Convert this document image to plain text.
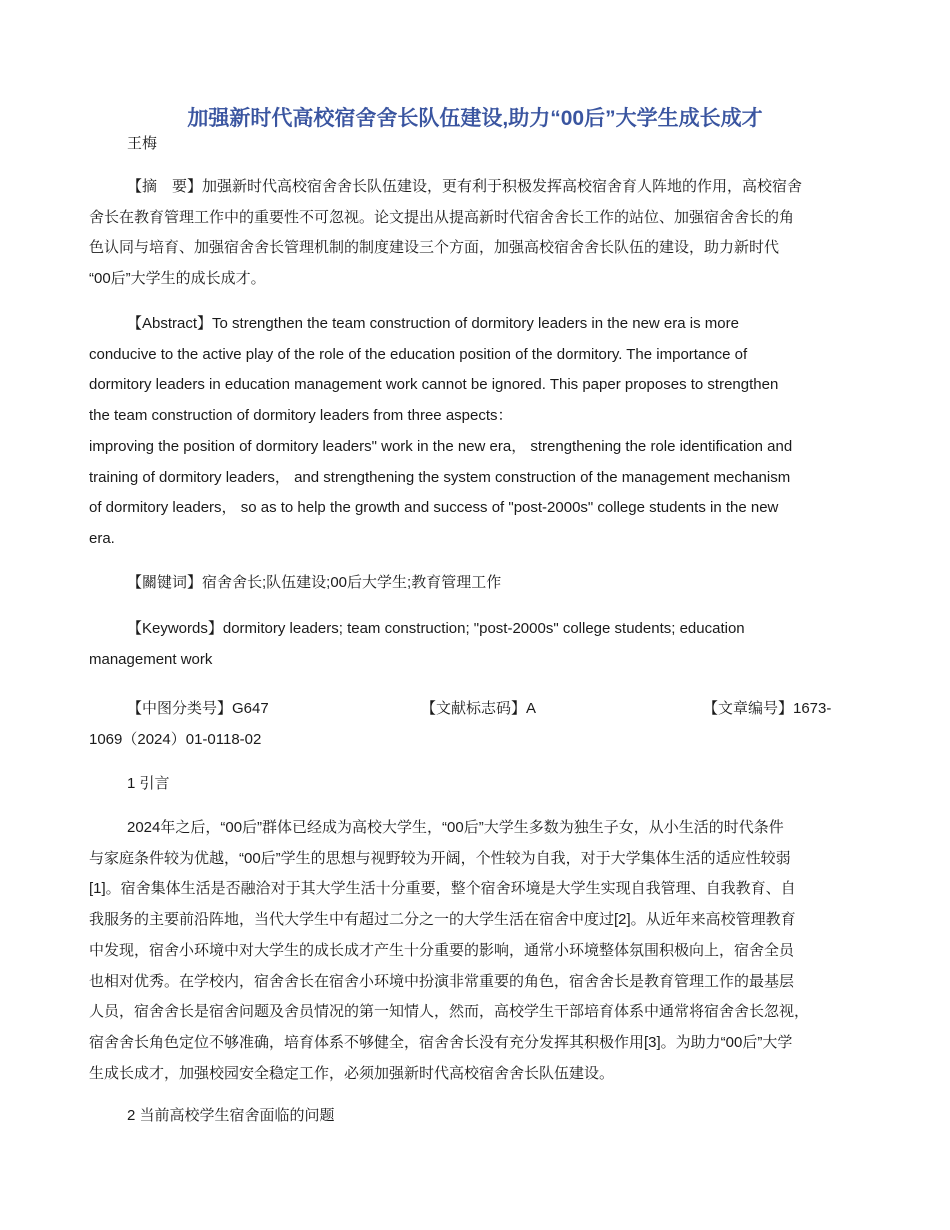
加强新时代高校宿舍舍长队伍建设,助力“00后”大学生成长成才
王梅
【摘　要】加强新时代高校宿舍舍长队伍建设，更有利于积极发挥高校宿舍育人阵地的作用，高校宿舍
舍长在教育管理工作中的重要性不可忽视。论文提出从提高新时代宿舍舍长工作的站位、加强宿舍舍长的角
色认同与培育、加强宿舍舍长管理机制的制度建设三个方面，加强高校宿舍舍长队伍的建设，助力新时代
“00后”大学生的成长成才。
【Abstract】To strengthen the team construction of dormitory leaders in the new era is more
conducive to the active play of the role of the education position of the dormitory. The importance of
dormitory leaders in education management work cannot be ignored. This paper proposes to strengthen
the team construction of dormitory leaders from three aspects：
improving the position of dormitory leaders" work in the new era， strengthening the role identification and
training of dormitory leaders， and strengthening the system construction of the management mechanism
of dormitory leaders， so as to help the growth and success of "post-2000s" college students in the new
era.
【關键词】宿舍舍长;队伍建设;00后大学生;教育管理工作
【Keywords】dormitory leaders; team construction; "post-2000s" college students; education
management work
【中图分类号】G647	【文献标志码】A	【文章编号】1673-
1069（2024）01-0118-02
1 引言
2024年之后，“00后”群体已经成为高校大学生，“00后”大学生多数为独生子女，从小生活的时代条件
与家庭条件较为优越，“00后”学生的思想与视野较为开阔，个性较为自我，对于大学集体生活的适应性较弱
[1]。宿舍集体生活是否融洽对于其大学生活十分重要，整个宿舍环境是大学生实现自我管理、自我教育、自
我服务的主要前沿阵地，当代大学生中有超过二分之一的大学生活在宿舍中度过[2]。从近年来高校管理教育
中发现，宿舍小环境中对大学生的成长成才产生十分重要的影响，通常小环境整体氛围积极向上，宿舍全员
也相对优秀。在学校内，宿舍舍长在宿舍小环境中扮演非常重要的角色，宿舍舍长是教育管理工作的最基层
人员，宿舍舍长是宿舍问题及舍员情况的第一知情人，然而，高校学生干部培育体系中通常将宿舍舍长忽视，
宿舍舍长角色定位不够准确，培育体系不够健全，宿舍舍长没有充分发挥其积极作用[3]。为助力“00后”大学
生成长成才，加强校园安全稳定工作，必须加强新时代高校宿舍舍长队伍建设。
2 当前高校学生宿舍面临的问题
